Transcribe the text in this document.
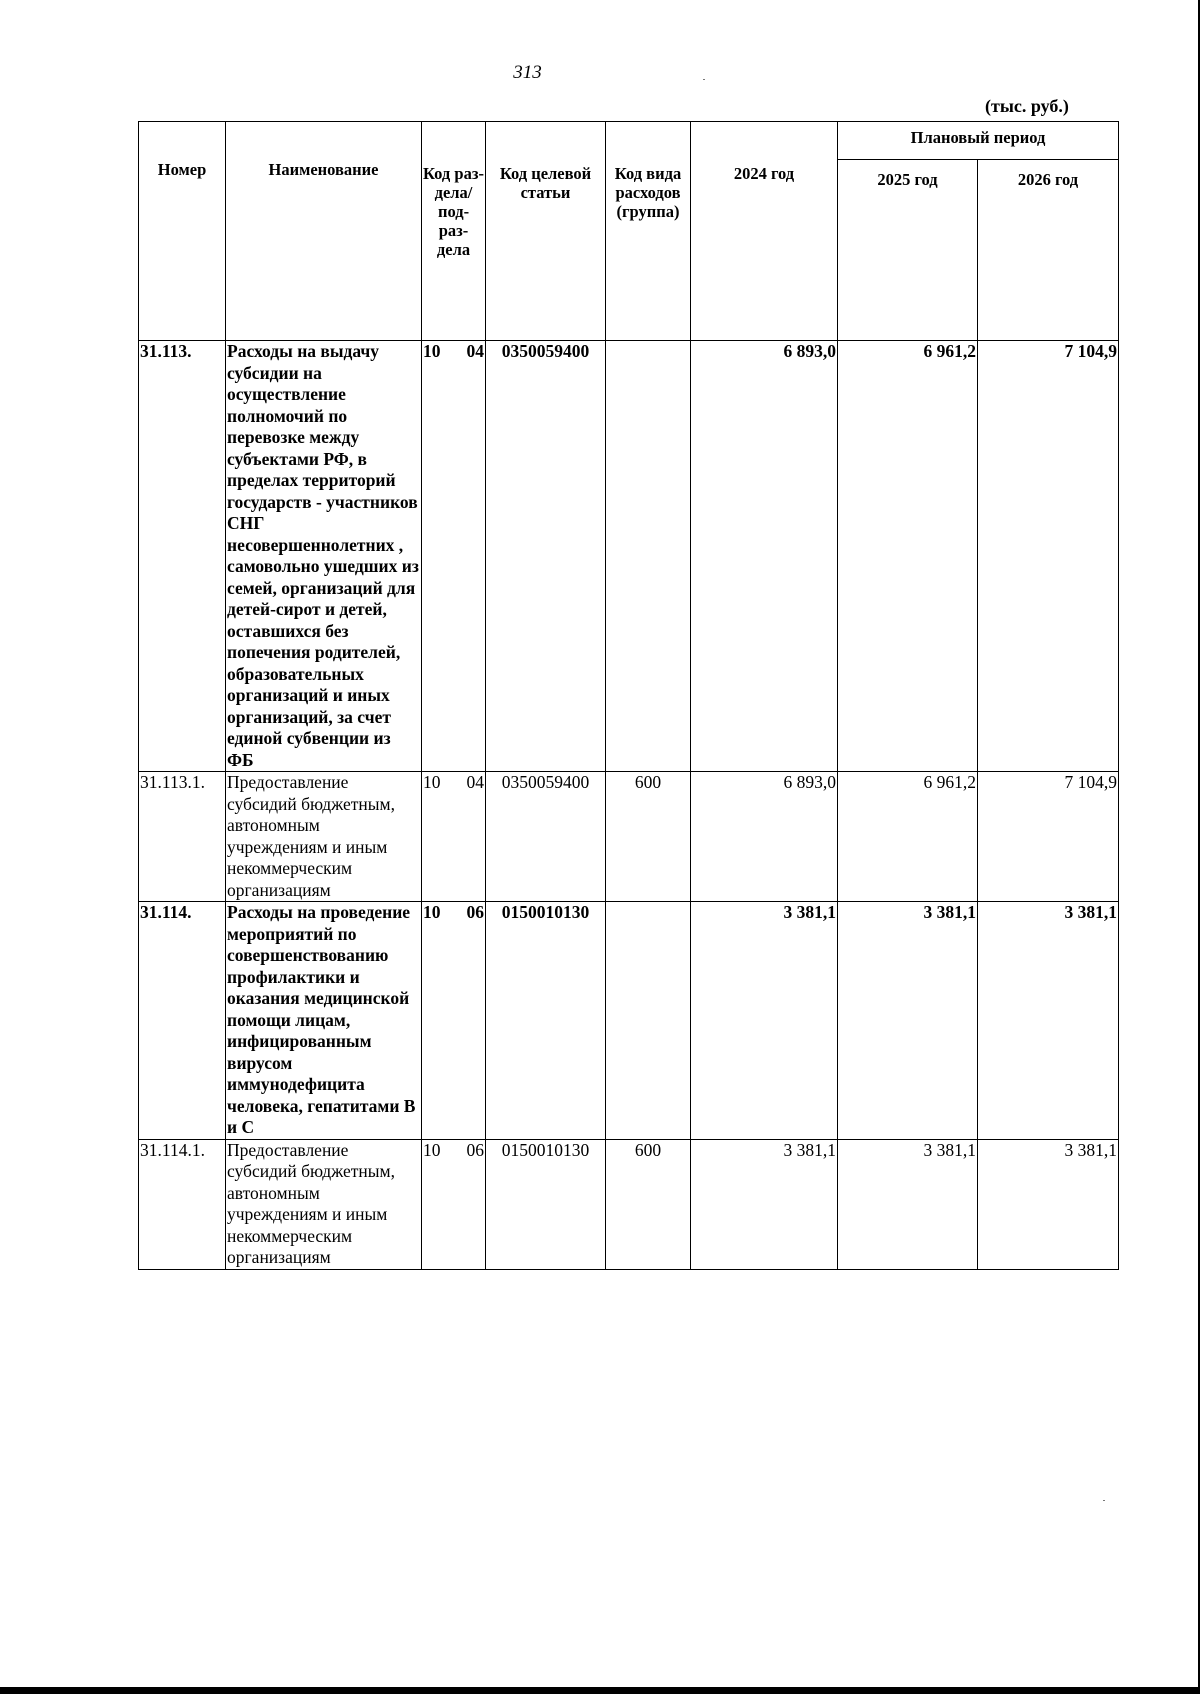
313
(тыс. руб.)
Номер	Наименование	Код раз- дела/ под- раз- дела	Код целевой статьи	Код вида расходов (группа)	2024 год	Плановый период	
						2025 год	2026 год
31.113.	Расходы на выдачу субсидии на осуществление полномочий по перевозке между субъектами РФ, в пределах территорий государств - участников СНГ несовершеннолетних , самовольно ушедших из семей, организаций для детей-сирот и детей, оставшихся без попечения родителей, образовательных организаций и иных организаций, за счет единой субвенции из ФБ	10 04	0350059400		6 893,0	6 961,2	7 104,9
31.113.1.	Предоставление субсидий бюджетным, автономным учреждениям и иным некоммерческим организациям	10 04	0350059400	600	6 893,0	6 961,2	7 104,9
31.114.	Расходы на проведение мероприятий по совершенствованию профилактики и оказания медицинской помощи лицам, инфицированным вирусом иммунодефицита человека, гепатитами В и С	10 06	0150010130		3 381,1	3 381,1	3 381,1
31.114.1.	Предоставление субсидий бюджетным, автономным учреждениям и иным некоммерческим организациям	10 06	0150010130	600	3 381,1	3 381,1	3 381,1
